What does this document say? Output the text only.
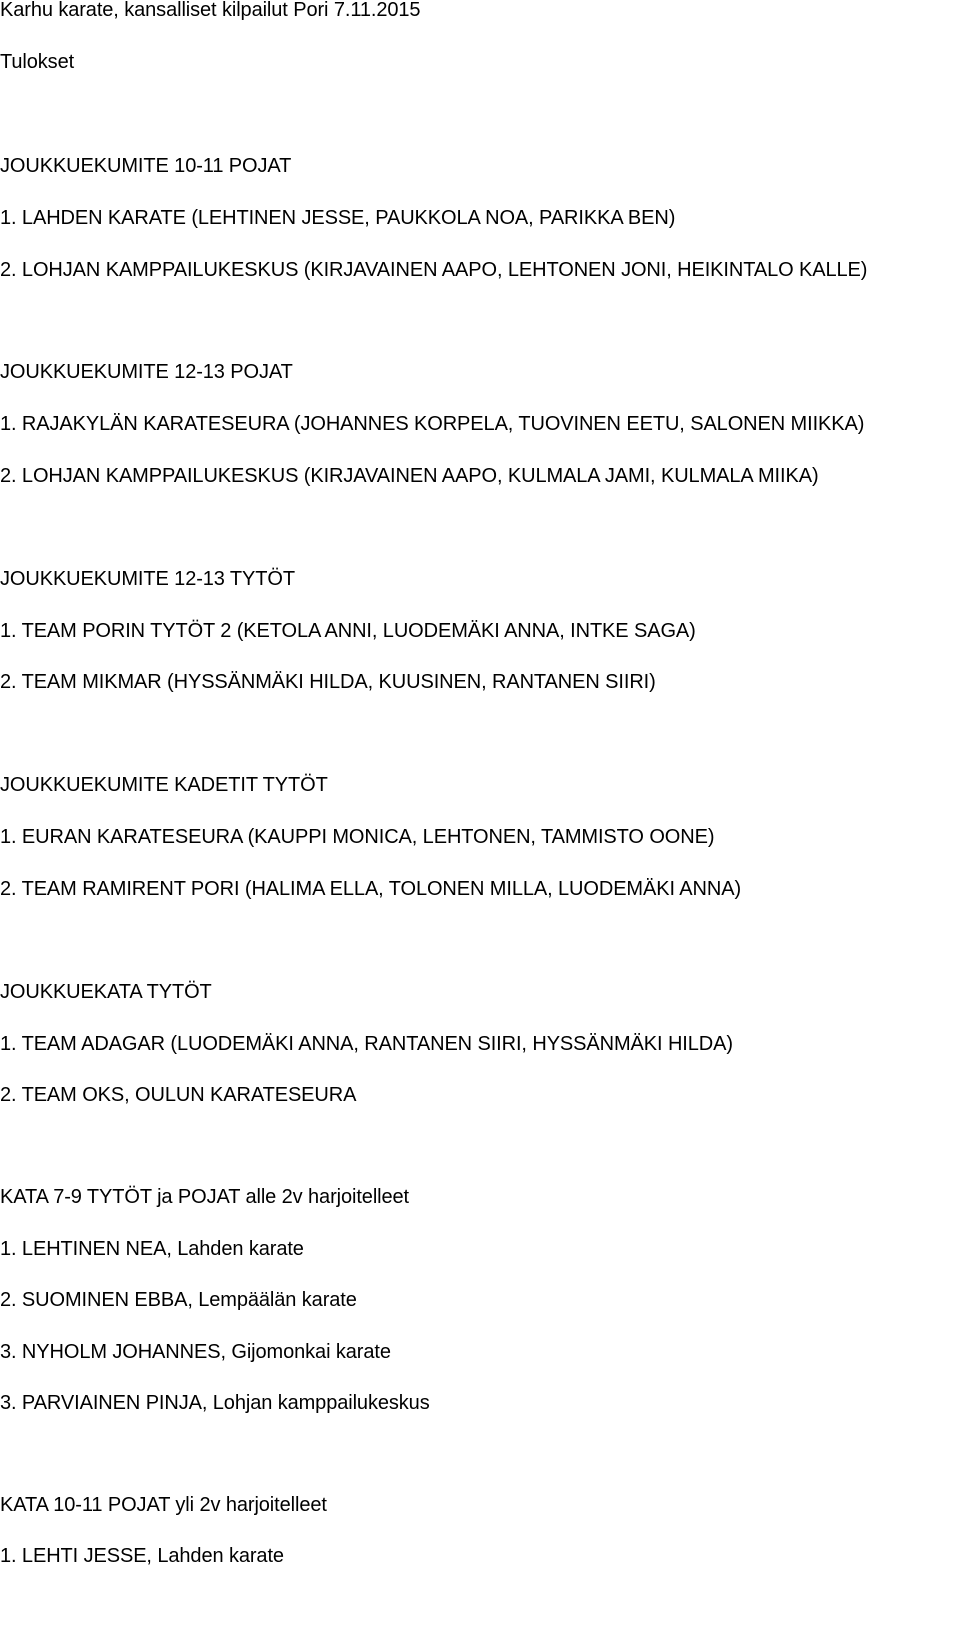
Karhu karate, kansalliset kilpailut Pori 7.11.2015

Tulokset

JOUKKUEKUMITE 10-11 POJAT

1. LAHDEN KARATE (LEHTINEN JESSE, PAUKKOLA NOA, PARIKKA BEN)

2. LOHJAN KAMPPAILUKESKUS (KIRJAVAINEN AAPO, LEHTONEN JONI, HEIKINTALO KALLE)

JOUKKUEKUMITE 12-13 POJAT

1. RAJAKYLÄN KARATESEURA (JOHANNES KORPELA, TUOVINEN EETU, SALONEN MIIKKA)

2. LOHJAN KAMPPAILUKESKUS (KIRJAVAINEN AAPO, KULMALA JAMI, KULMALA MIIKA)

JOUKKUEKUMITE 12-13 TYTÖT

1. TEAM PORIN TYTÖT 2 (KETOLA ANNI, LUODEMÄKI ANNA, INTKE SAGA)

2. TEAM MIKMAR (HYSSÄNMÄKI HILDA, KUUSINEN, RANTANEN SIIRI)

JOUKKUEKUMITE KADETIT TYTÖT

1. EURAN KARATESEURA (KAUPPI MONICA, LEHTONEN, TAMMISTO OONE)

2. TEAM RAMIRENT PORI (HALIMA ELLA, TOLONEN MILLA, LUODEMÄKI ANNA)

JOUKKUEKATA TYTÖT

1. TEAM ADAGAR (LUODEMÄKI ANNA, RANTANEN SIIRI, HYSSÄNMÄKI HILDA)

2. TEAM OKS, OULUN KARATESEURA

KATA 7-9 TYTÖT ja POJAT alle 2v harjoitelleet

1. LEHTINEN NEA, Lahden karate

2. SUOMINEN EBBA, Lempäälän karate

3. NYHOLM JOHANNES, Gijomonkai karate

3. PARVIAINEN PINJA, Lohjan kamppailukeskus

KATA 10-11 POJAT yli 2v harjoitelleet

1. LEHTI JESSE, Lahden karate
